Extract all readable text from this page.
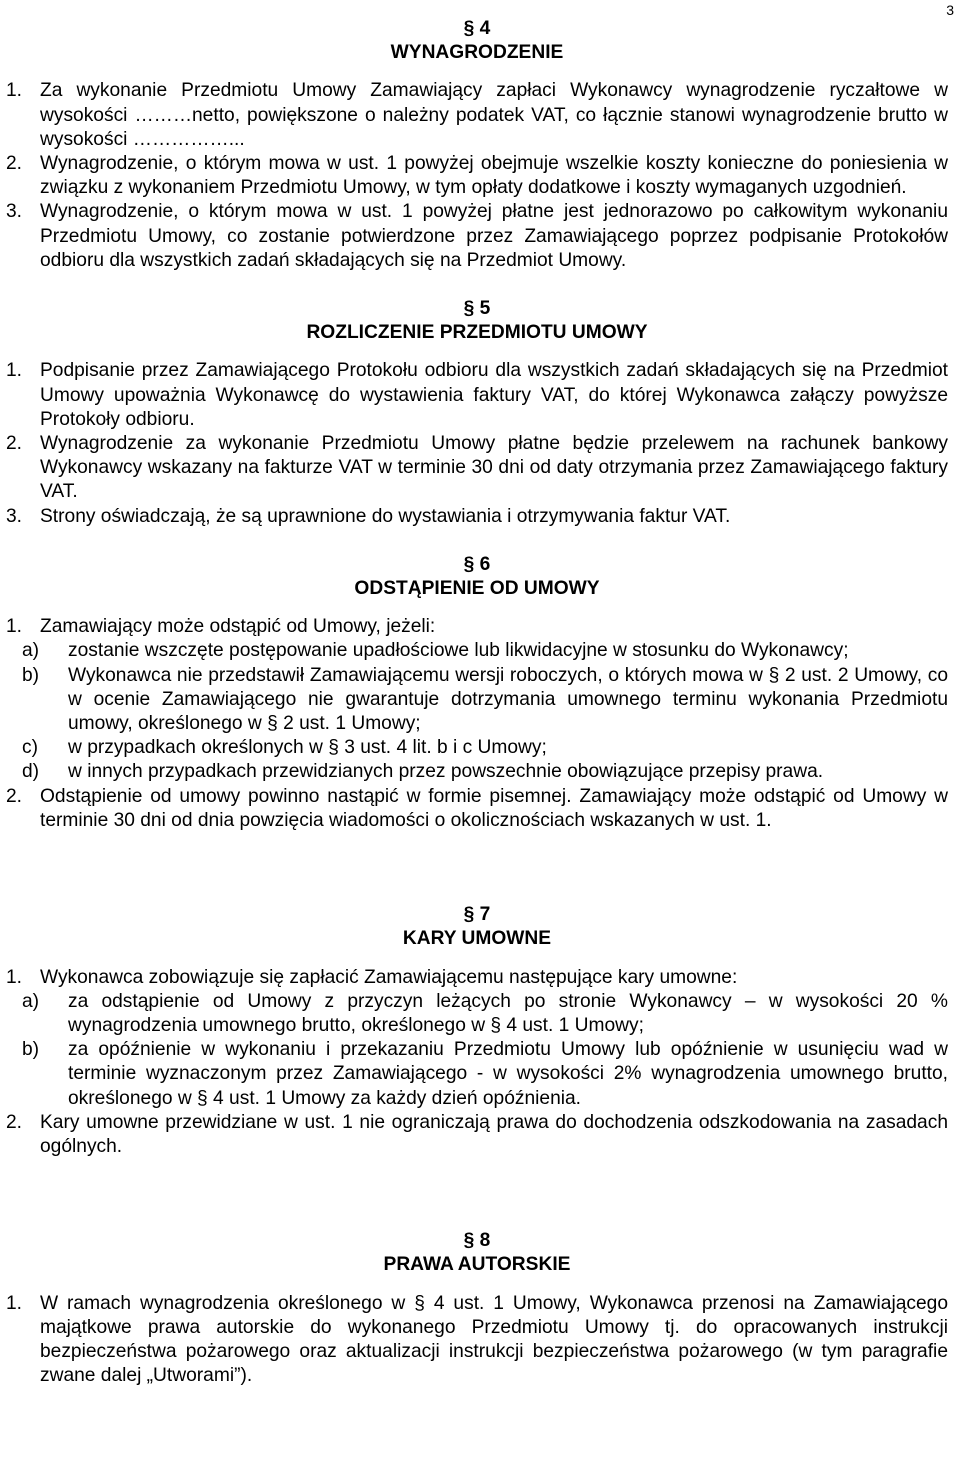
3
§ 4
WYNAGRODZENIE
1. Za wykonanie Przedmiotu Umowy Zamawiający zapłaci Wykonawcy wynagrodzenie ryczałtowe w wysokości ………netto, powiększone o należny podatek VAT, co łącznie stanowi wynagrodzenie brutto w wysokości ……………...
2. Wynagrodzenie, o którym mowa w ust. 1 powyżej obejmuje wszelkie koszty konieczne do poniesienia w związku z wykonaniem Przedmiotu Umowy, w tym opłaty dodatkowe i koszty wymaganych uzgodnień.
3. Wynagrodzenie, o którym mowa w ust. 1 powyżej płatne jest jednorazowo po całkowitym wykonaniu Przedmiotu Umowy, co zostanie potwierdzone przez Zamawiającego poprzez podpisanie Protokołów odbioru dla wszystkich zadań składających się na Przedmiot Umowy.
§ 5
ROZLICZENIE PRZEDMIOTU UMOWY
1. Podpisanie przez Zamawiającego Protokołu odbioru dla wszystkich zadań składających się na Przedmiot Umowy upoważnia Wykonawcę do wystawienia faktury VAT, do której Wykonawca załączy powyższe Protokoły odbioru.
2. Wynagrodzenie za wykonanie Przedmiotu Umowy płatne będzie przelewem na rachunek bankowy Wykonawcy wskazany na fakturze VAT w terminie 30 dni od daty otrzymania przez Zamawiającego faktury VAT.
3. Strony oświadczają, że są uprawnione do wystawiania i otrzymywania faktur VAT.
§ 6
ODSTĄPIENIE OD UMOWY
1. Zamawiający może odstąpić od Umowy, jeżeli:
a) zostanie wszczęte postępowanie upadłościowe lub likwidacyjne w stosunku do Wykonawcy;
b) Wykonawca nie przedstawił Zamawiającemu wersji roboczych, o których mowa w § 2 ust. 2 Umowy, co w ocenie Zamawiającego nie gwarantuje dotrzymania umownego terminu wykonania Przedmiotu umowy, określonego w § 2 ust. 1 Umowy;
c) w przypadkach określonych w § 3 ust. 4 lit. b i c Umowy;
d) w innych przypadkach przewidzianych przez powszechnie obowiązujące przepisy prawa.
2. Odstąpienie od umowy powinno nastąpić w formie pisemnej. Zamawiający może odstąpić od Umowy w terminie 30 dni od dnia powzięcia wiadomości o okolicznościach wskazanych w ust. 1.
§ 7
KARY UMOWNE
1. Wykonawca zobowiązuje się zapłacić Zamawiającemu następujące kary umowne:
a) za odstąpienie od Umowy z przyczyn leżących po stronie Wykonawcy – w wysokości 20 % wynagrodzenia umownego brutto, określonego w § 4 ust. 1 Umowy;
b) za opóźnienie w wykonaniu i przekazaniu Przedmiotu Umowy lub opóźnienie w usunięciu wad w terminie wyznaczonym przez Zamawiającego - w wysokości 2% wynagrodzenia umownego brutto, określonego w § 4 ust. 1 Umowy za każdy dzień opóźnienia.
2. Kary umowne przewidziane w ust. 1 nie ograniczają prawa do dochodzenia odszkodowania na zasadach ogólnych.
§ 8
PRAWA AUTORSKIE
1. W ramach wynagrodzenia określonego w § 4 ust. 1 Umowy, Wykonawca przenosi na Zamawiającego majątkowe prawa autorskie do wykonanego Przedmiotu Umowy tj. do opracowanych instrukcji bezpieczeństwa pożarowego oraz aktualizacji instrukcji bezpieczeństwa pożarowego (w tym paragrafie zwane dalej „Utworami”).
